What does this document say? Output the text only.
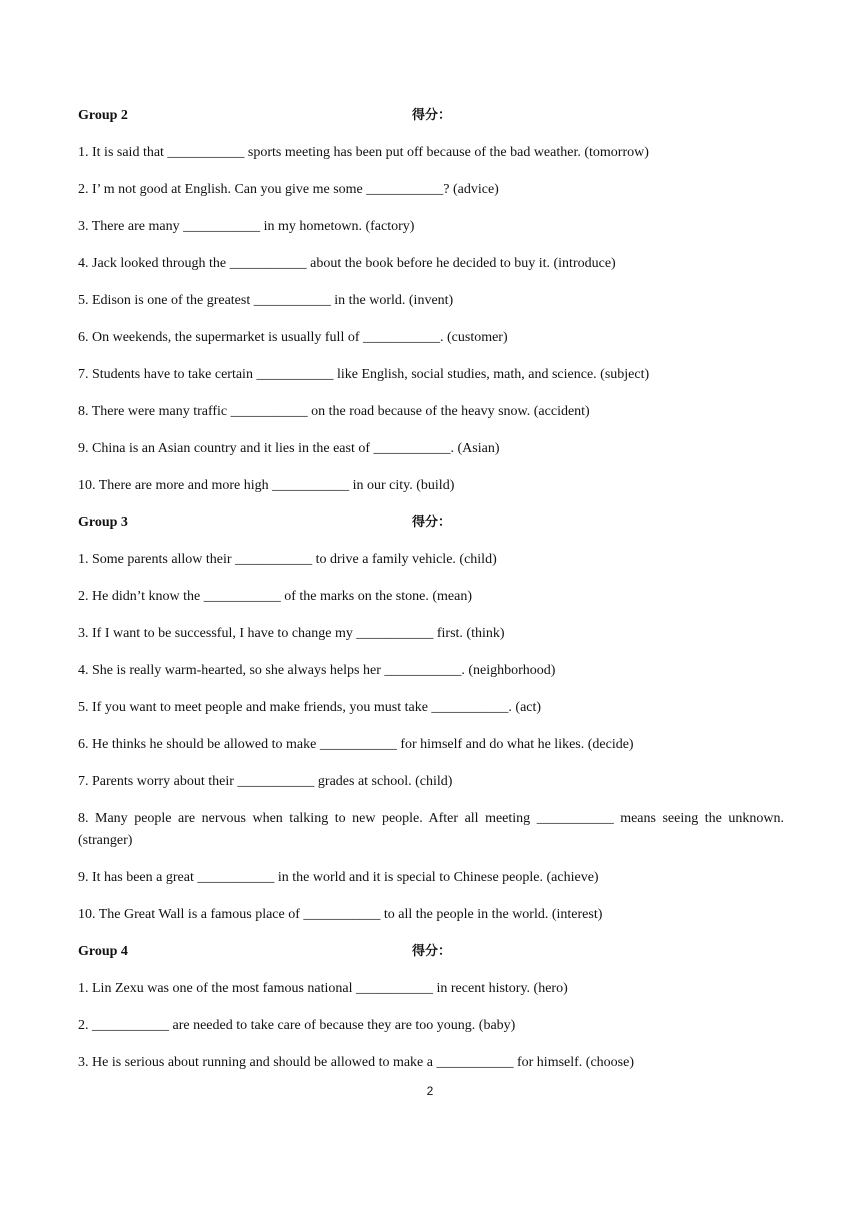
Group 2	得分：
1. It is said that ___________ sports meeting has been put off because of the bad weather. (tomorrow)
2. I’ m not good at English. Can you give me some ___________? (advice)
3. There are many ___________ in my hometown. (factory)
4. Jack looked through the ___________ about the book before he decided to buy it. (introduce)
5. Edison is one of the greatest ___________ in the world. (invent)
6. On weekends, the supermarket is usually full of ___________. (customer)
7. Students have to take certain ___________ like English, social studies, math, and science. (subject)
8. There were many traffic ___________ on the road because of the heavy snow. (accident)
9. China is an Asian country and it lies in the east of ___________. (Asian)
10. There are more and more high ___________ in our city. (build)
Group 3	得分：
1. Some parents allow their ___________ to drive a family vehicle. (child)
2. He didn’t know the ___________ of the marks on the stone. (mean)
3. If I want to be successful, I have to change my ___________ first. (think)
4. She is really warm-hearted, so she always helps her ___________. (neighborhood)
5. If you want to meet people and make friends, you must take ___________. (act)
6. He thinks he should be allowed to make ___________ for himself and do what he likes. (decide)
7. Parents worry about their ___________ grades at school. (child)
8. Many people are nervous when talking to new people. After all meeting ___________ means seeing the unknown. (stranger)
9. It has been a great ___________ in the world and it is special to Chinese people. (achieve)
10. The Great Wall is a famous place of ___________ to all the people in the world. (interest)
Group 4	得分：
1. Lin Zexu was one of the most famous national ___________ in recent history. (hero)
2. ___________ are needed to take care of because they are too young. (baby)
3. He is serious about running and should be allowed to make a ___________ for himself. (choose)
2
